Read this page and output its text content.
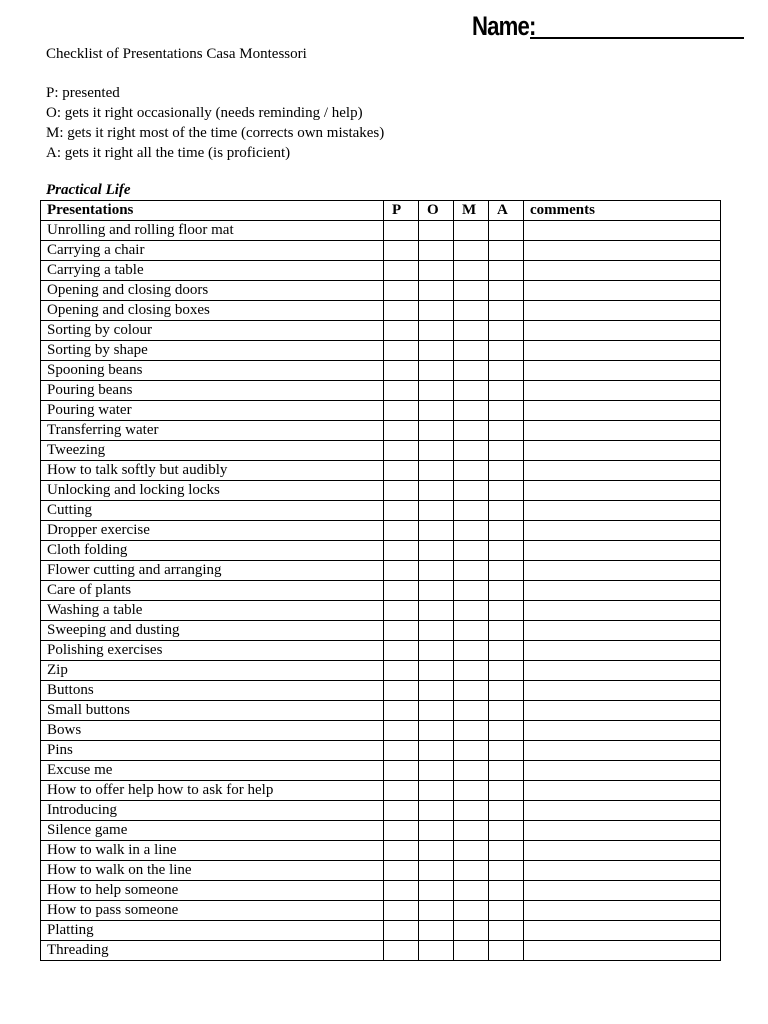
Name:
Checklist of Presentations Casa Montessori
P: presented
O: gets it right occasionally (needs reminding / help)
M: gets it right most of the time (corrects own mistakes)
A: gets it right all the time (is proficient)
Practical Life
Presentations	P	O	M	A	comments
Unrolling and rolling floor mat					
Carrying a chair					
Carrying a table					
Opening and closing doors					
Opening and closing boxes					
Sorting by colour					
Sorting by shape					
Spooning beans					
Pouring beans					
Pouring water					
Transferring water					
Tweezing					
How to talk softly but audibly					
Unlocking and locking locks					
Cutting					
Dropper exercise					
Cloth folding					
Flower cutting and arranging					
Care of plants					
Washing a table					
Sweeping and dusting					
Polishing exercises					
Zip					
Buttons					
Small buttons					
Bows					
Pins					
Excuse me					
How to offer help how to ask for help					
Introducing					
Silence game					
How to walk in a line					
How to walk on the line					
How to help someone					
How to pass someone					
Platting					
Threading					
